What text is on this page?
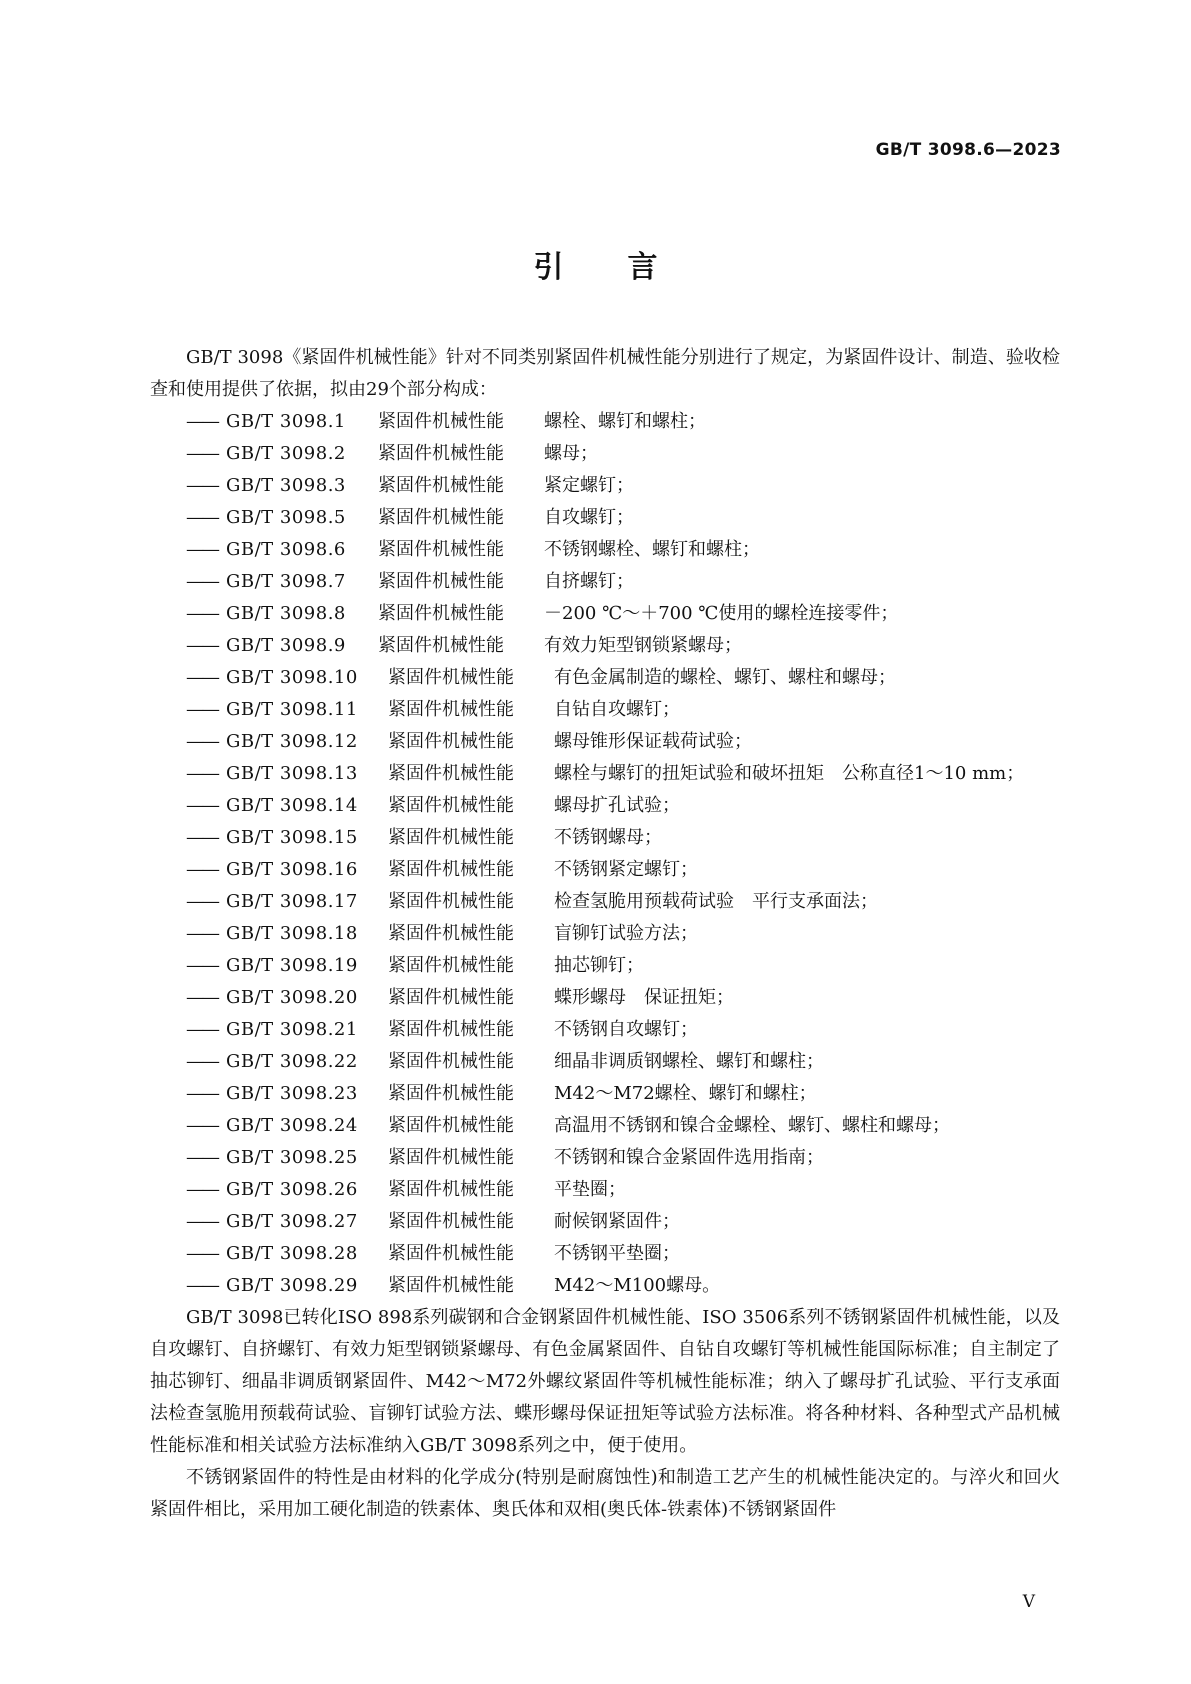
GB/T 3098.6—2023
引言

GB/T 3098《紧固件机械性能》针对不同类别紧固件机械性能分别进行了规定，为紧固件设计、制造、验收检查和使用提供了依据，拟由29个部分构成：

—— GB/T 3098.1 紧固件机械性能 螺栓、螺钉和螺柱；
—— GB/T 3098.2 紧固件机械性能 螺母；
—— GB/T 3098.3 紧固件机械性能 紧定螺钉；
—— GB/T 3098.5 紧固件机械性能 自攻螺钉；
—— GB/T 3098.6 紧固件机械性能 不锈钢螺栓、螺钉和螺柱；
—— GB/T 3098.7 紧固件机械性能 自挤螺钉；
—— GB/T 3098.8 紧固件机械性能 －200 ℃～＋700 ℃使用的螺栓连接零件；
—— GB/T 3098.9 紧固件机械性能 有效力矩型钢锁紧螺母；
—— GB/T 3098.10 紧固件机械性能 有色金属制造的螺栓、螺钉、螺柱和螺母；
—— GB/T 3098.11 紧固件机械性能 自钻自攻螺钉；
—— GB/T 3098.12 紧固件机械性能 螺母锥形保证载荷试验；
—— GB/T 3098.13 紧固件机械性能 螺栓与螺钉的扭矩试验和破坏扭矩　公称直径1～10 mm；
—— GB/T 3098.14 紧固件机械性能 螺母扩孔试验；
—— GB/T 3098.15 紧固件机械性能 不锈钢螺母；
—— GB/T 3098.16 紧固件机械性能 不锈钢紧定螺钉；
—— GB/T 3098.17 紧固件机械性能 检查氢脆用预载荷试验　平行支承面法；
—— GB/T 3098.18 紧固件机械性能 盲铆钉试验方法；
—— GB/T 3098.19 紧固件机械性能 抽芯铆钉；
—— GB/T 3098.20 紧固件机械性能 蝶形螺母　保证扭矩；
—— GB/T 3098.21 紧固件机械性能 不锈钢自攻螺钉；
—— GB/T 3098.22 紧固件机械性能 细晶非调质钢螺栓、螺钉和螺柱；
—— GB/T 3098.23 紧固件机械性能 M42～M72螺栓、螺钉和螺柱；
—— GB/T 3098.24 紧固件机械性能 高温用不锈钢和镍合金螺栓、螺钉、螺柱和螺母；
—— GB/T 3098.25 紧固件机械性能 不锈钢和镍合金紧固件选用指南；
—— GB/T 3098.26 紧固件机械性能 平垫圈；
—— GB/T 3098.27 紧固件机械性能 耐候钢紧固件；
—— GB/T 3098.28 紧固件机械性能 不锈钢平垫圈；
—— GB/T 3098.29 紧固件机械性能 M42～M100螺母。

GB/T 3098已转化ISO 898系列碳钢和合金钢紧固件机械性能、ISO 3506系列不锈钢紧固件机械性能，以及自攻螺钉、自挤螺钉、有效力矩型钢锁紧螺母、有色金属紧固件、自钻自攻螺钉等机械性能国际标准；自主制定了抽芯铆钉、细晶非调质钢紧固件、M42～M72外螺纹紧固件等机械性能标准；纳入了螺母扩孔试验、平行支承面法检查氢脆用预载荷试验、盲铆钉试验方法、蝶形螺母保证扭矩等试验方法标准。将各种材料、各种型式产品机械性能标准和相关试验方法标准纳入GB/T 3098系列之中，便于使用。

不锈钢紧固件的特性是由材料的化学成分(特别是耐腐蚀性)和制造工艺产生的机械性能决定的。与淬火和回火紧固件相比，采用加工硬化制造的铁素体、奥氏体和双相(奥氏体-铁素体)不锈钢紧固件

V
